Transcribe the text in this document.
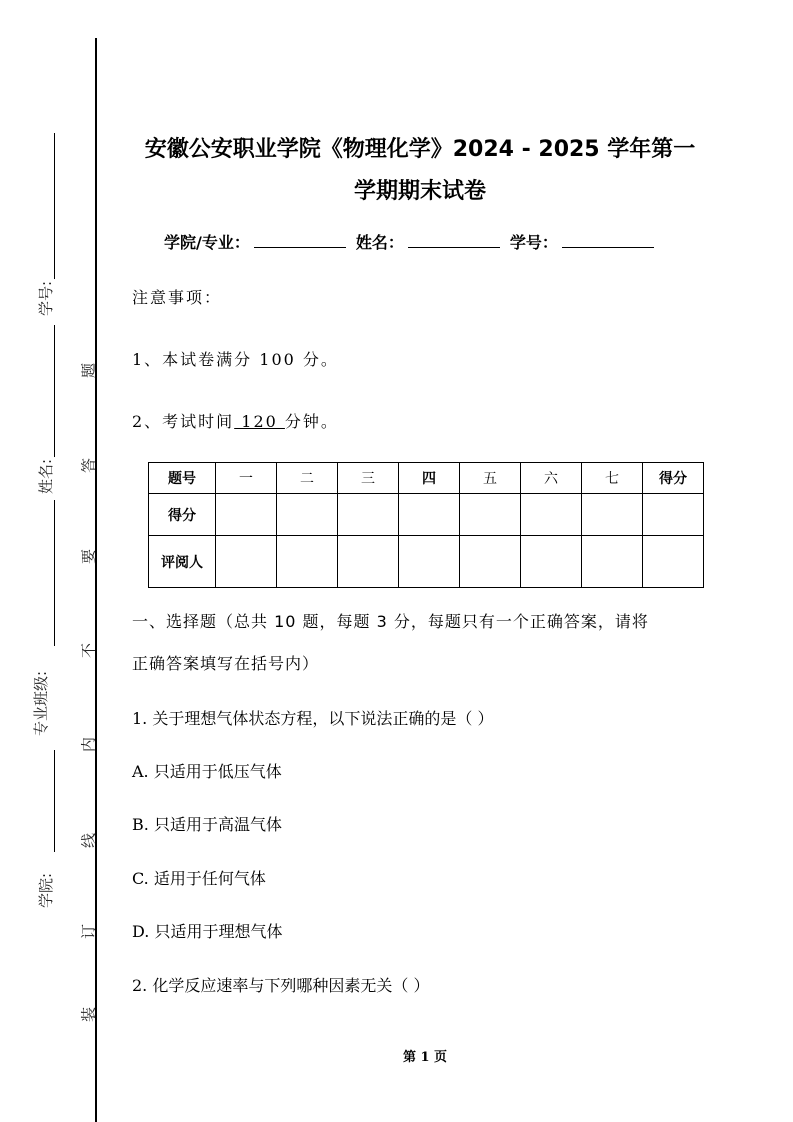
学号:
姓名:
专业班级:
学院:
题
答
要
不
内
线
订
装
安徽公安职业学院《物理化学》2024 - 2025 学年第一
学期期末试卷
学院/专业：	姓名：	学号：
注意事项：
1、本试卷满分 100 分。
2、考试时间 120 分钟。
题号	一	二	三	四	五	六	七	得分
得分								
评阅人								
一、选择题（总共 10 题，每题 3 分，每题只有一个正确答案，请将
正确答案填写在括号内）
1. 关于理想气体状态方程，以下说法正确的是（ ）
A. 只适用于低压气体
B. 只适用于高温气体
C. 适用于任何气体
D. 只适用于理想气体
2. 化学反应速率与下列哪种因素无关（ ）
第 1 页
